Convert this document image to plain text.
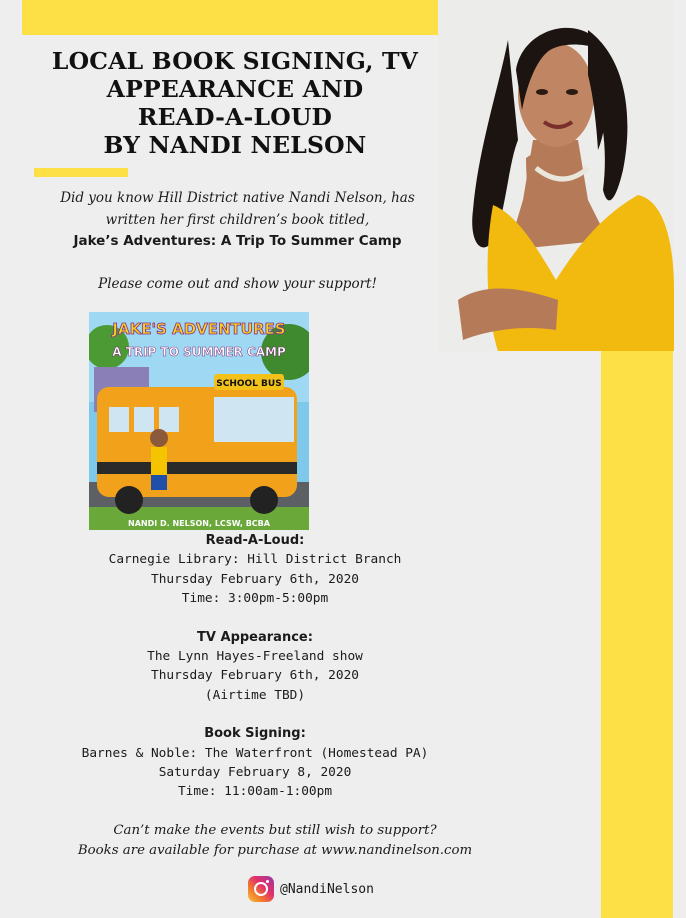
LOCAL BOOK SIGNING, TV
APPEARANCE AND
READ-A-LOUD
BY NANDI NELSON
Did you know Hill District native Nandi Nelson, has
written her first children’s book titled,
Jake’s Adventures: A Trip To Summer Camp
Please come out and show your support!
SCHOOL BUS
JAKE'S ADVENTURES
A TRIP TO SUMMER CAMP
NANDI D. NELSON, LCSW, BCBA
Read-A-Loud:
Carnegie Library: Hill District Branch
Thursday February 6th, 2020
Time: 3:00pm-5:00pm
TV Appearance:
The Lynn Hayes-Freeland show
Thursday February 6th, 2020
(Airtime TBD)
Book Signing:
Barnes & Noble: The Waterfront (Homestead PA)
Saturday February 8, 2020
Time: 11:00am-1:00pm
Can’t make the events but still wish to support?
Books are available for purchase at www.nandinelson.com
@NandiNelson
